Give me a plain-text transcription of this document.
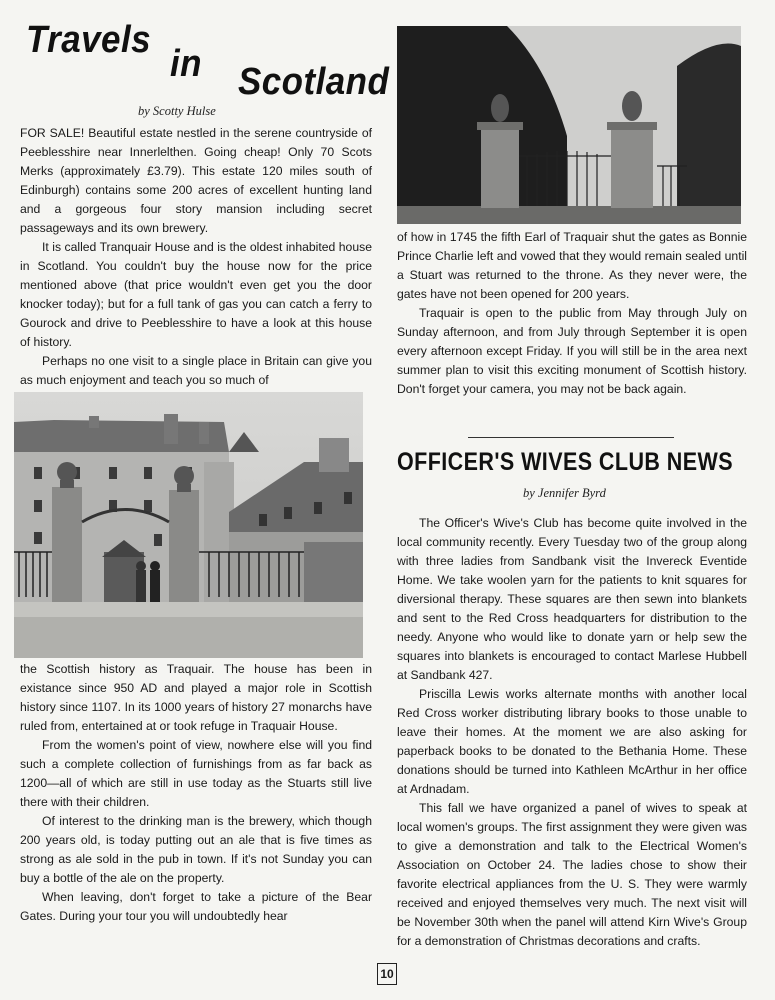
Travels
in Scotland
by Scotty Hulse

FOR SALE! Beautiful estate nestled in the serene countryside of Peeblesshire near Innerlelthen. Going cheap! Only 70 Scots Merks (approximately £3.79). This estate 120 miles south of Edinburgh) contains some 200 acres of excellent hunting land and a gorgeous four story mansion including secret passageways and its own brewery.

It is called Tranquair House and is the oldest inhabited house in Scotland. You couldn't buy the house now for the price mentioned above (that price wouldn't even get you the door knocker today); but for a full tank of gas you can catch a ferry to Gourock and drive to Peeblesshire to have a look at this house of history.

Perhaps no one visit to a single place in Britain can give you as much enjoyment and teach you so much of

the Scottish history as Traquair. The house has been in existance since 950 AD and played a major role in Scottish history since 1107. In its 1000 years of history 27 monarchs have ruled from, entertained at or took refuge in Traquair House.

From the women's point of view, nowhere else will you find such a complete collection of furnishings from as far back as 1200—all of which are still in use today as the Stuarts still live there with their children.

Of interest to the drinking man is the brewery, which though 200 years old, is today putting out an ale that is five times as strong as ale sold in the pub in town. If it's not Sunday you can buy a bottle of the ale on the property.

When leaving, don't forget to take a picture of the Bear Gates. During your tour you will undoubtedly hear

of how in 1745 the fifth Earl of Traquair shut the gates as Bonnie Prince Charlie left and vowed that they would remain sealed until a Stuart was returned to the throne. As they never were, the gates have not been opened for 200 years.

Traquair is open to the public from May through July on Sunday afternoon, and from July through September it is open every afternoon except Friday. If you will still be in the area next summer plan to visit this exciting monument of Scottish history. Don't forget your camera, you may not be back again.

OFFICER'S WIVES CLUB NEWS
by Jennifer Byrd

The Officer's Wive's Club has become quite involved in the local community recently. Every Tuesday two of the group along with three ladies from Sandbank visit the Invereck Eventide Home. We take woolen yarn for the patients to knit squares for diversional therapy. These squares are then sewn into blankets and sent to the Red Cross headquarters for distribution to the needy. Anyone who would like to donate yarn or help sew the squares into blankets is encouraged to contact Marlese Hubbell at Sandbank 427.

Priscilla Lewis works alternate months with another local Red Cross worker distributing library books to those unable to leave their homes. At the moment we are also asking for paperback books to be donated to the Bethania Home. These donations should be turned into Kathleen McArthur in her office at Ardnadam.

This fall we have organized a panel of wives to speak at local women's groups. The first assignment they were given was to give a demonstration and talk to the Electrical Women's Association on October 24. The ladies chose to show their favorite electrical appliances from the U. S. They were warmly received and enjoyed themselves very much. The next visit will be November 30th when the panel will attend Kirn Wive's Group for a demonstration of Christmas decorations and crafts.

10
